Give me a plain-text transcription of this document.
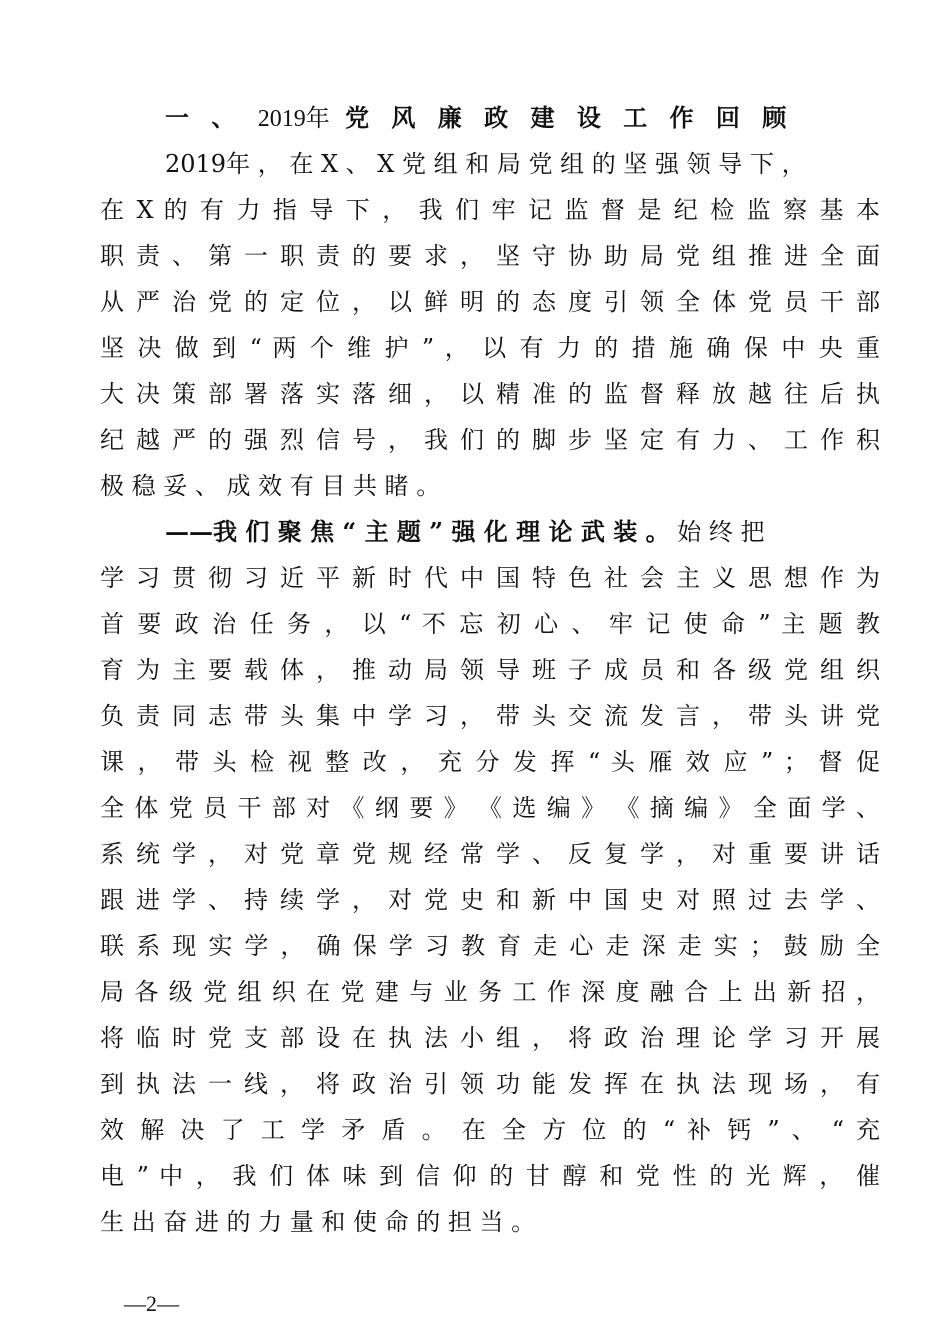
一 、 2019年 党 风 廉 政 建 设 工 作 回 顾
2019年 ， 在 X 、 X 党 组 和 局 党 组 的 坚 强 领 导 下 ，
在 X 的 有 力 指 导 下 ， 我 们 牢 记 监 督 是 纪 检 监 察 基 本
职 责 、 第 一 职 责 的 要 求 ， 坚 守 协 助 局 党 组 推 进 全 面
从 严 治 党 的 定 位 ， 以 鲜 明 的 态 度 引 领 全 体 党 员 干 部
坚 决 做 到 “ 两 个 维 护 ” ， 以 有 力 的 措 施 确 保 中 央 重
大 决 策 部 署 落 实 落 细 ， 以 精 准 的 监 督 释 放 越 往 后 执
纪 越 严 的 强 烈 信 号 ， 我 们 的 脚 步 坚 定 有 力 、 工 作 积
极 稳 妥 、 成 效 有 目 共 睹 。
——我 们 聚 焦 “ 主 题 ” 强 化 理 论 武 装 。 始 终 把
学 习 贯 彻 习 近 平 新 时 代 中 国 特 色 社 会 主 义 思 想 作 为
首 要 政 治 任 务 ， 以 “ 不 忘 初 心 、 牢 记 使 命 ” 主 题 教
育 为 主 要 载 体 ， 推 动 局 领 导 班 子 成 员 和 各 级 党 组 织
负 责 同 志 带 头 集 中 学 习 ， 带 头 交 流 发 言 ， 带 头 讲 党
课 ， 带 头 检 视 整 改 ， 充 分 发 挥 “ 头 雁 效 应 ” ； 督 促
全 体 党 员 干 部 对 《 纲 要 》 《 选 编 》 《 摘 编 》 全 面 学 、
系 统 学 ， 对 党 章 党 规 经 常 学 、 反 复 学 ， 对 重 要 讲 话
跟 进 学 、 持 续 学 ， 对 党 史 和 新 中 国 史 对 照 过 去 学 、
联 系 现 实 学 ， 确 保 学 习 教 育 走 心 走 深 走 实 ； 鼓 励 全
局 各 级 党 组 织 在 党 建 与 业 务 工 作 深 度 融 合 上 出 新 招 ，
将 临 时 党 支 部 设 在 执 法 小 组 ， 将 政 治 理 论 学 习 开 展
到 执 法 一 线 ， 将 政 治 引 领 功 能 发 挥 在 执 法 现 场 ， 有
效 解 决 了 工 学 矛 盾 。 在 全 方 位 的 “ 补 钙 ” 、 “ 充
电 ” 中 ， 我 们 体 味 到 信 仰 的 甘 醇 和 党 性 的 光 辉 ， 催
生 出 奋 进 的 力 量 和 使 命 的 担 当 。
—2—
